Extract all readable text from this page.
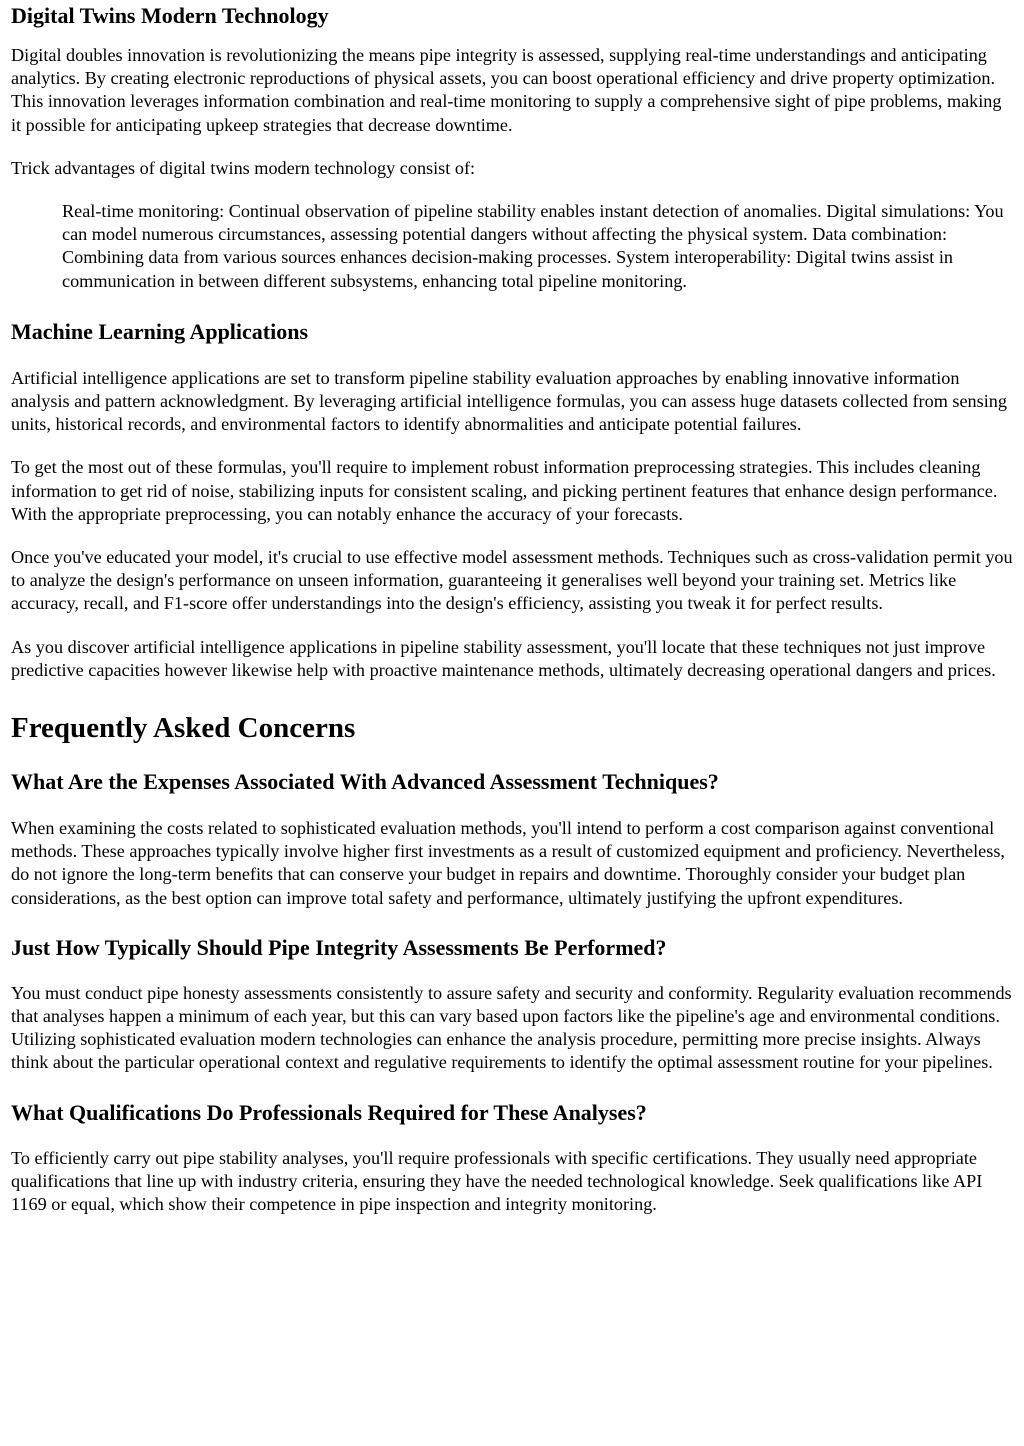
Digital Twins Modern Technology

Digital doubles innovation is revolutionizing the means pipe integrity is assessed, supplying real-time understandings and anticipating analytics. By creating electronic reproductions of physical assets, you can boost operational efficiency and drive property optimization. This innovation leverages information combination and real-time monitoring to supply a comprehensive sight of pipe problems, making it possible for anticipating upkeep strategies that decrease downtime.

Trick advantages of digital twins modern technology consist of:

Real-time monitoring: Continual observation of pipeline stability enables instant detection of anomalies. Digital simulations: You can model numerous circumstances, assessing potential dangers without affecting the physical system. Data combination: Combining data from various sources enhances decision-making processes. System interoperability: Digital twins assist in communication in between different subsystems, enhancing total pipeline monitoring.
Machine Learning Applications

Artificial intelligence applications are set to transform pipeline stability evaluation approaches by enabling innovative information analysis and pattern acknowledgment. By leveraging artificial intelligence formulas, you can assess huge datasets collected from sensing units, historical records, and environmental factors to identify abnormalities and anticipate potential failures.

To get the most out of these formulas, you'll require to implement robust information preprocessing strategies. This includes cleaning information to get rid of noise, stabilizing inputs for consistent scaling, and picking pertinent features that enhance design performance. With the appropriate preprocessing, you can notably enhance the accuracy of your forecasts.

Once you've educated your model, it's crucial to use effective model assessment methods. Techniques such as cross-validation permit you to analyze the design's performance on unseen information, guaranteeing it generalises well beyond your training set. Metrics like accuracy, recall, and F1-score offer understandings into the design's efficiency, assisting you tweak it for perfect results.

As you discover artificial intelligence applications in pipeline stability assessment, you'll locate that these techniques not just improve predictive capacities however likewise help with proactive maintenance methods, ultimately decreasing operational dangers and prices.

Frequently Asked Concerns
What Are the Expenses Associated With Advanced Assessment Techniques?

When examining the costs related to sophisticated evaluation methods, you'll intend to perform a cost comparison against conventional methods. These approaches typically involve higher first investments as a result of customized equipment and proficiency. Nevertheless, do not ignore the long-term benefits that can conserve your budget in repairs and downtime. Thoroughly consider your budget plan considerations, as the best option can improve total safety and performance, ultimately justifying the upfront expenditures.

Just How Typically Should Pipe Integrity Assessments Be Performed?

You must conduct pipe honesty assessments consistently to assure safety and security and conformity. Regularity evaluation recommends that analyses happen a minimum of each year, but this can vary based upon factors like the pipeline's age and environmental conditions. Utilizing sophisticated evaluation modern technologies can enhance the analysis procedure, permitting more precise insights. Always think about the particular operational context and regulative requirements to identify the optimal assessment routine for your pipelines.

What Qualifications Do Professionals Required for These Analyses?

To efficiently carry out pipe stability analyses, you'll require professionals with specific certifications. They usually need appropriate qualifications that line up with industry criteria, ensuring they have the needed technological knowledge. Seek qualifications like API 1169 or equal, which show their competence in pipe inspection and integrity monitoring.
